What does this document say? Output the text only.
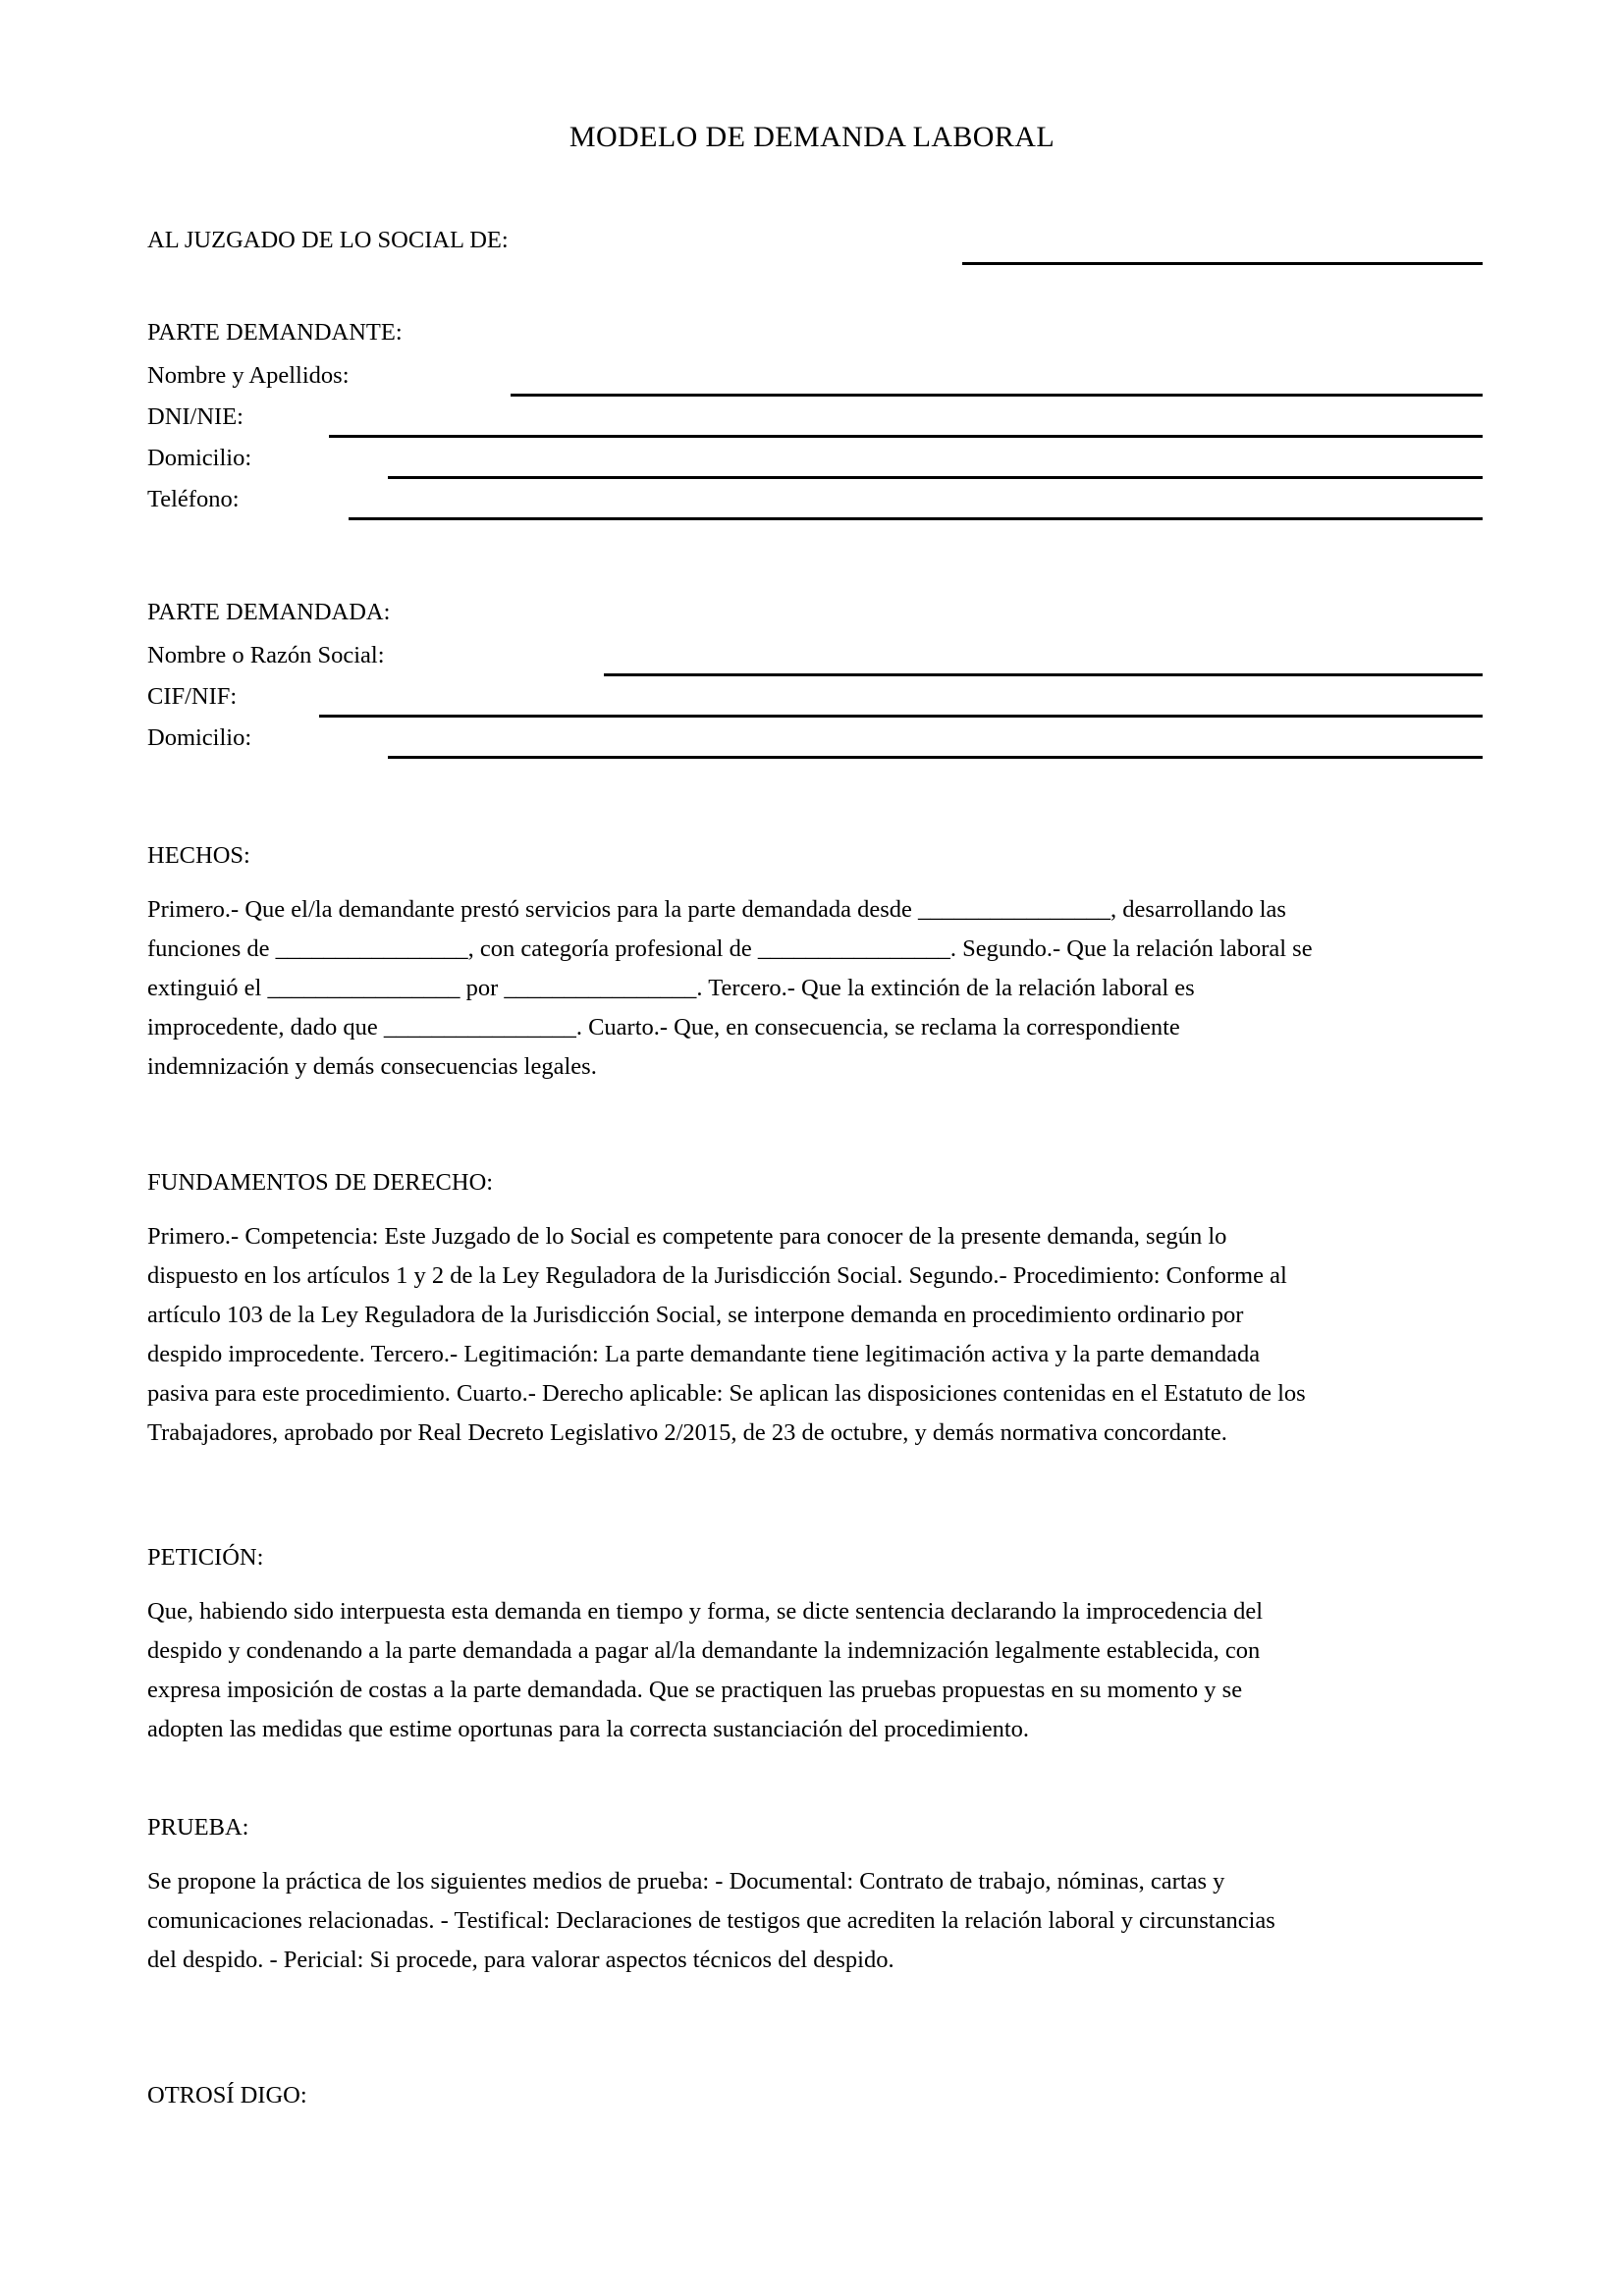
MODELO DE DEMANDA LABORAL
AL JUZGADO DE LO SOCIAL DE:
PARTE DEMANDANTE:
Nombre y Apellidos:
DNI/NIE:
Domicilio:
Teléfono:
PARTE DEMANDADA:
Nombre o Razón Social:
CIF/NIF:
Domicilio:
HECHOS:
Primero.- Que el/la demandante prestó servicios para la parte demandada desde ________________, desarrollando las
funciones de ________________, con categoría profesional de ________________. Segundo.- Que la relación laboral se
extinguió el ________________ por ________________. Tercero.- Que la extinción de la relación laboral es
improcedente, dado que ________________. Cuarto.- Que, en consecuencia, se reclama la correspondiente
indemnización y demás consecuencias legales.
FUNDAMENTOS DE DERECHO:
Primero.- Competencia: Este Juzgado de lo Social es competente para conocer de la presente demanda, según lo
dispuesto en los artículos 1 y 2 de la Ley Reguladora de la Jurisdicción Social. Segundo.- Procedimiento: Conforme al
artículo 103 de la Ley Reguladora de la Jurisdicción Social, se interpone demanda en procedimiento ordinario por
despido improcedente. Tercero.- Legitimación: La parte demandante tiene legitimación activa y la parte demandada
pasiva para este procedimiento. Cuarto.- Derecho aplicable: Se aplican las disposiciones contenidas en el Estatuto de los
Trabajadores, aprobado por Real Decreto Legislativo 2/2015, de 23 de octubre, y demás normativa concordante.
PETICIÓN:
Que, habiendo sido interpuesta esta demanda en tiempo y forma, se dicte sentencia declarando la improcedencia del
despido y condenando a la parte demandada a pagar al/la demandante la indemnización legalmente establecida, con
expresa imposición de costas a la parte demandada. Que se practiquen las pruebas propuestas en su momento y se
adopten las medidas que estime oportunas para la correcta sustanciación del procedimiento.
PRUEBA:
Se propone la práctica de los siguientes medios de prueba: - Documental: Contrato de trabajo, nóminas, cartas y
comunicaciones relacionadas. - Testifical: Declaraciones de testigos que acrediten la relación laboral y circunstancias
del despido. - Pericial: Si procede, para valorar aspectos técnicos del despido.
OTROSÍ DIGO:
